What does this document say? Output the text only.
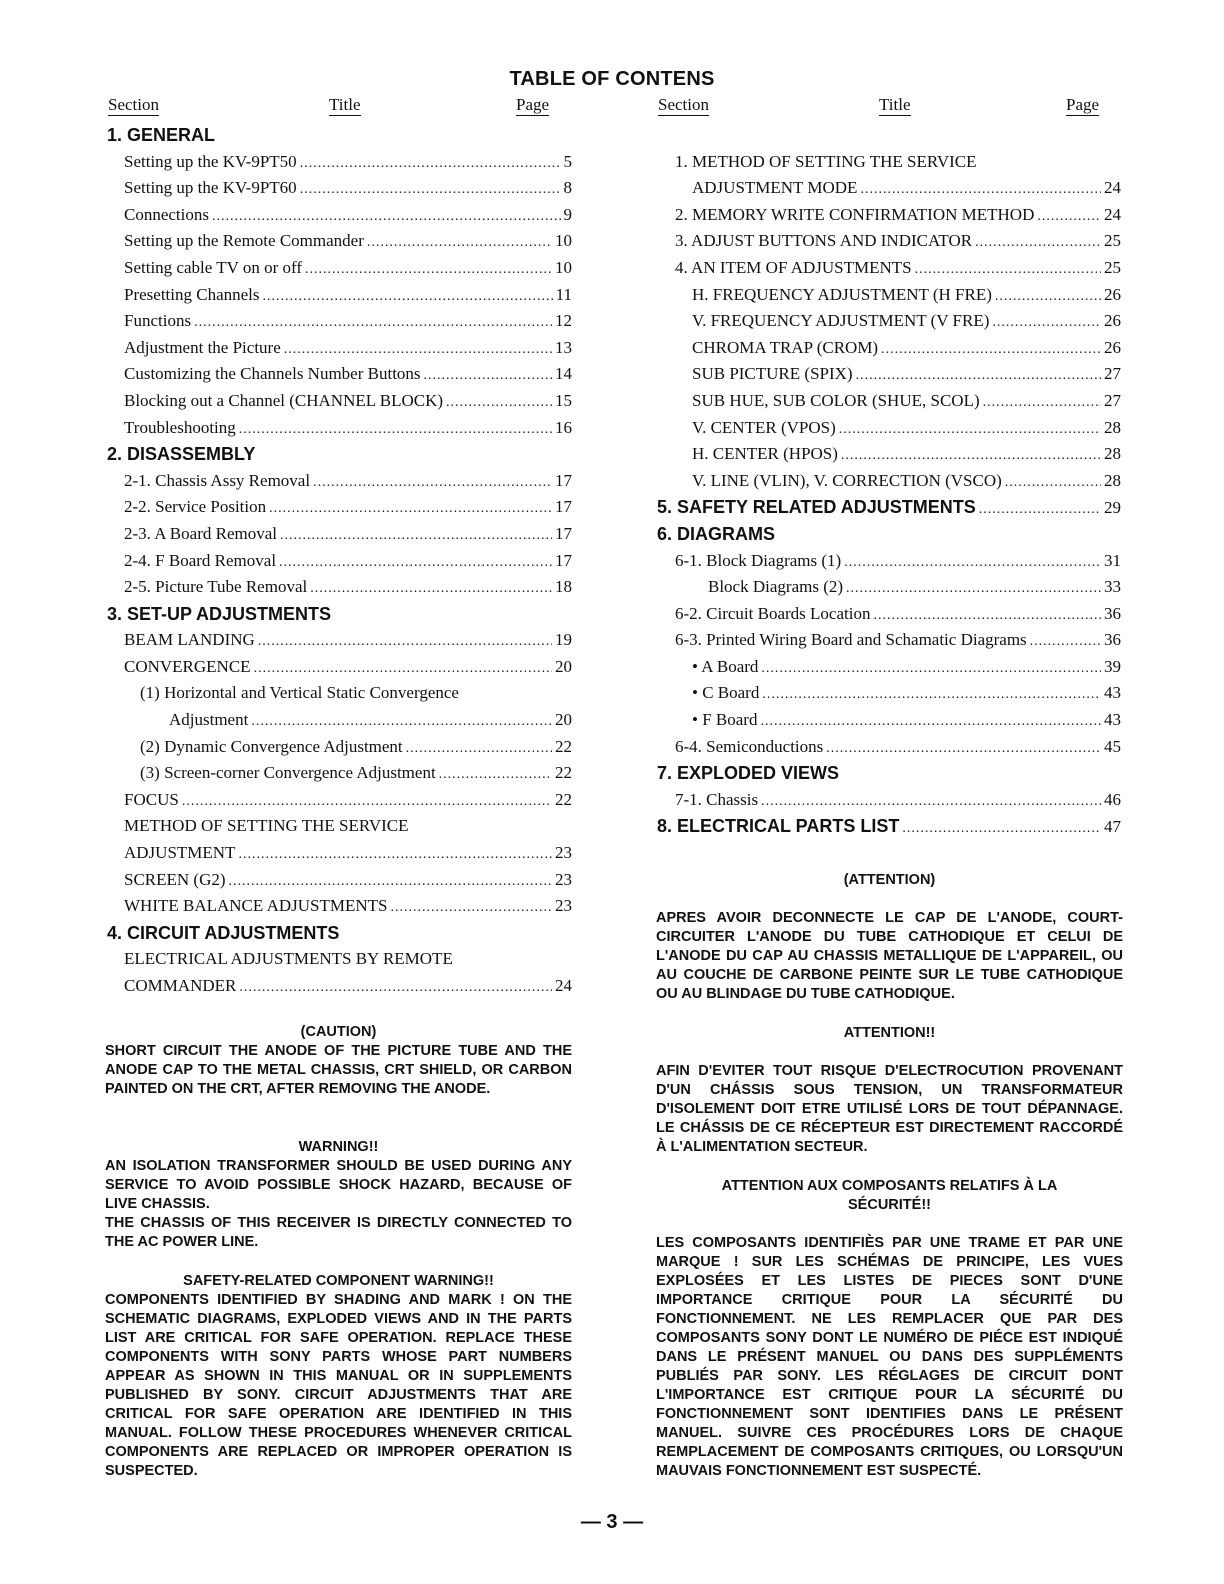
TABLE OF CONTENS
Section	Title	Page
1. GENERAL
Setting up the KV-9PT50 .....	5
Setting up the KV-9PT60 .....	8
Connections .....	9
Setting up the Remote Commander .....	10
Setting cable TV on or off .....	10
Presetting Channels .....	11
Functions .....	12
Adjustment the Picture .....	13
Customizing the Channels Number Buttons .....	14
Blocking out a Channel (CHANNEL BLOCK) .....	15
Troubleshooting .....	16
2. DISASSEMBLY
2-1. Chassis Assy Removal .....	17
2-2. Service Position .....	17
2-3. A Board Removal .....	17
2-4. F Board Removal .....	17
2-5. Picture Tube Removal .....	18
3. SET-UP ADJUSTMENTS
BEAM LANDING .....	19
CONVERGENCE .....	20
(1) Horizontal and Vertical Static Convergence
Adjustment .....	20
(2) Dynamic Convergence Adjustment .....	22
(3) Screen-corner Convergence Adjustment .....	22
FOCUS .....	22
METHOD OF SETTING THE SERVICE
ADJUSTMENT .....	23
SCREEN (G2) .....	23
WHITE BALANCE ADJUSTMENTS .....	23
4. CIRCUIT ADJUSTMENTS
ELECTRICAL ADJUSTMENTS BY REMOTE
COMMANDER .....	24
Section	Title	Page
1. METHOD OF SETTING THE SERVICE
ADJUSTMENT MODE .....	24
2. MEMORY WRITE CONFIRMATION METHOD .....	24
3. ADJUST BUTTONS AND INDICATOR .....	25
4. AN ITEM OF ADJUSTMENTS .....	25
H. FREQUENCY ADJUSTMENT (H FRE) .....	26
V. FREQUENCY ADJUSTMENT (V FRE) .....	26
CHROMA TRAP (CROM) .....	26
SUB PICTURE (SPIX) .....	27
SUB HUE, SUB COLOR (SHUE, SCOL) .....	27
V. CENTER (VPOS) .....	28
H. CENTER (HPOS) .....	28
V. LINE (VLIN), V. CORRECTION (VSCO) .....	28
5. SAFETY RELATED ADJUSTMENTS .....	29
6. DIAGRAMS
6-1. Block Diagrams (1) .....	31
Block Diagrams (2) .....	33
6-2. Circuit Boards Location .....	36
6-3. Printed Wiring Board and Schamatic Diagrams .....	36
• A Board .....	39
• C Board .....	43
• F Board .....	43
6-4. Semiconductions .....	45
7. EXPLODED VIEWS
7-1. Chassis .....	46
8. ELECTRICAL PARTS LIST .....	47
(CAUTION)
SHORT CIRCUIT THE ANODE OF THE PICTURE TUBE AND THE ANODE CAP TO THE METAL CHASSIS, CRT SHIELD, OR CARBON PAINTED ON THE CRT, AFTER REMOVING THE ANODE.
WARNING!!
AN ISOLATION TRANSFORMER SHOULD BE USED DURING ANY SERVICE TO AVOID POSSIBLE SHOCK HAZARD, BECAUSE OF LIVE CHASSIS.
THE CHASSIS OF THIS RECEIVER IS DIRECTLY CONNECTED TO THE AC POWER LINE.
SAFETY-RELATED COMPONENT WARNING!!
COMPONENTS IDENTIFIED BY SHADING AND MARK ! ON THE SCHEMATIC DIAGRAMS, EXPLODED VIEWS AND IN THE PARTS LIST ARE CRITICAL FOR SAFE OPERATION. REPLACE THESE COMPONENTS WITH SONY PARTS WHOSE PART NUMBERS APPEAR AS SHOWN IN THIS MANUAL OR IN SUPPLEMENTS PUBLISHED BY SONY. CIRCUIT ADJUSTMENTS THAT ARE CRITICAL FOR SAFE OPERATION ARE IDENTIFIED IN THIS MANUAL. FOLLOW THESE PROCEDURES WHENEVER CRITICAL COMPONENTS ARE REPLACED OR IMPROPER OPERATION IS SUSPECTED.
(ATTENTION)
APRES AVOIR DECONNECTE LE CAP DE L'ANODE, COURT-CIRCUITER L'ANODE DU TUBE CATHODIQUE ET CELUI DE L'ANODE DU CAP AU CHASSIS METALLIQUE DE L'APPAREIL, OU AU COUCHE DE CARBONE PEINTE SUR LE TUBE CATHODIQUE OU AU BLINDAGE DU TUBE CATHODIQUE.
ATTENTION!!
AFIN D'EVITER TOUT RISQUE D'ELECTROCUTION PROVENANT D'UN CHÁSSIS SOUS TENSION, UN TRANSFORMATEUR D'ISOLEMENT DOIT ETRE UTILISÉ LORS DE TOUT DÉPANNAGE. LE CHÁSSIS DE CE RÉCEPTEUR EST DIRECTEMENT RACCORDÉ À L'ALIMENTATION SECTEUR.
ATTENTION AUX COMPOSANTS RELATIFS À LA SÉCURITÉ!!
LES COMPOSANTS IDENTIFIÈS PAR UNE TRAME ET PAR UNE MARQUE ! SUR LES SCHÉMAS DE PRINCIPE, LES VUES EXPLOSÉES ET LES LISTES DE PIECES SONT D'UNE IMPORTANCE CRITIQUE POUR LA SÉCURITÉ DU FONCTIONNEMENT. NE LES REMPLACER QUE PAR DES COMPOSANTS SONY DONT LE NUMÉRO DE PIÉCE EST INDIQUÉ DANS LE PRÉSENT MANUEL OU DANS DES SUPPLÉMENTS PUBLIÉS PAR SONY. LES RÉGLAGES DE CIRCUIT DONT L'IMPORTANCE EST CRITIQUE POUR LA SÉCURITÉ DU FONCTIONNEMENT SONT IDENTIFIES DANS LE PRÉSENT MANUEL. SUIVRE CES PROCÉDURES LORS DE CHAQUE REMPLACEMENT DE COMPOSANTS CRITIQUES, OU LORSQU'UN MAUVAIS FONCTIONNEMENT EST SUSPECTÉ.
— 3 —
